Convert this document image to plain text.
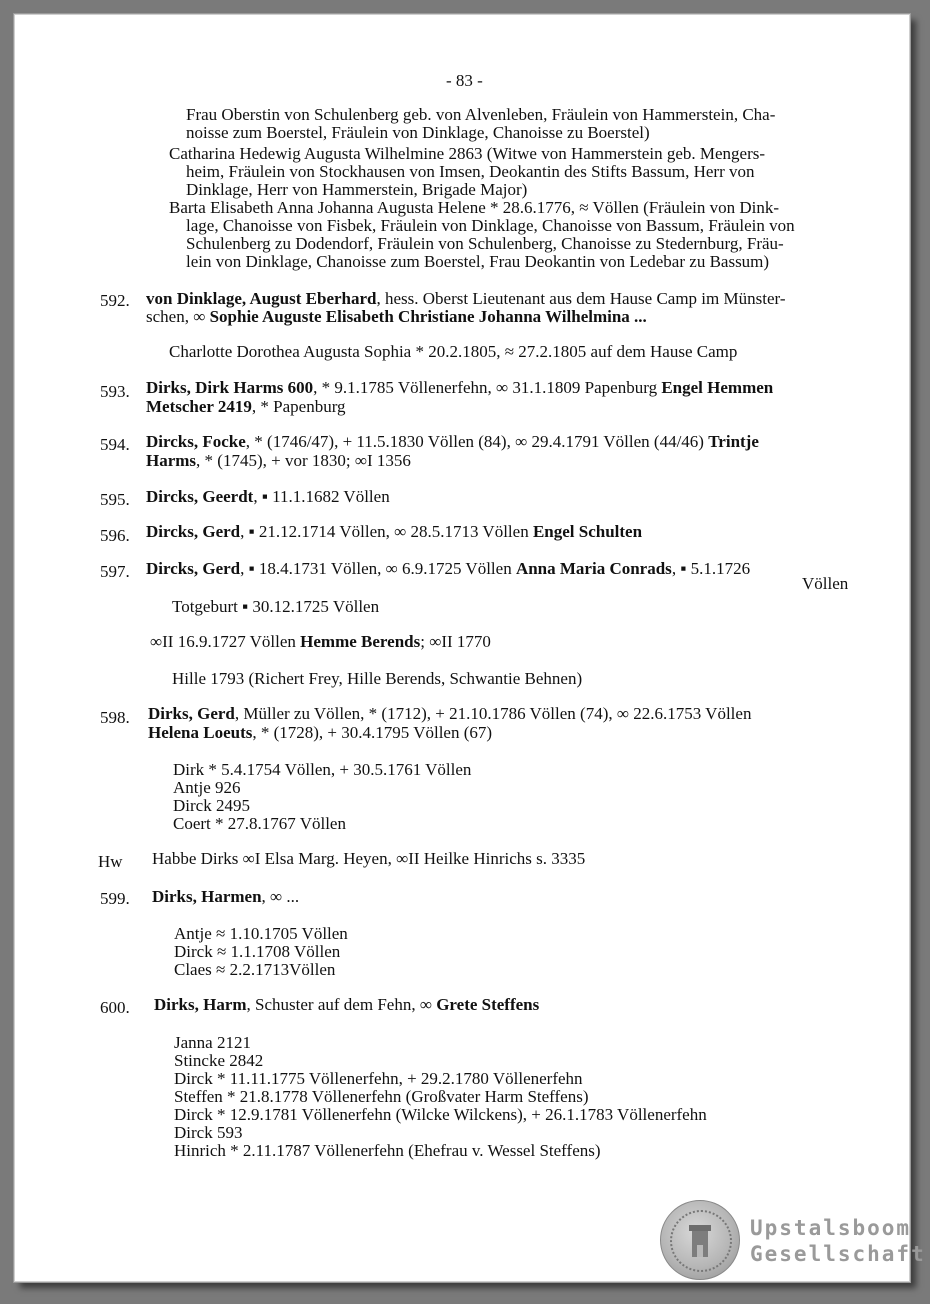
- 83 -
Frau Oberstin von Schulenberg geb. von Alvenleben, Fräulein von Hammerstein, Cha-
noisse zum Boerstel, Fräulein von Dinklage, Chanoisse zu Boerstel)
Catharina Hedewig Augusta Wilhelmine 2863 (Witwe von Hammerstein geb. Mengers-
heim, Fräulein von Stockhausen von Imsen, Deokantin des Stifts Bassum, Herr von
Dinklage, Herr von Hammerstein, Brigade Major)
Barta Elisabeth Anna Johanna Augusta Helene * 28.6.1776, ≈ Völlen (Fräulein von Dink-
lage, Chanoisse von Fisbek, Fräulein von Dinklage, Chanoisse von Bassum, Fräulein von
Schulenberg zu Dodendorf, Fräulein von Schulenberg, Chanoisse zu Stedernburg, Fräu-
lein von Dinklage, Chanoisse zum Boerstel, Frau Deokantin von Ledebar zu Bassum)
592. von Dinklage, August Eberhard, hess. Oberst Lieutenant aus dem Hause Camp im Münster-
schen, ∞ Sophie Auguste Elisabeth Christiane Johanna Wilhelmina ...
Charlotte Dorothea Augusta Sophia * 20.2.1805, ≈ 27.2.1805 auf dem Hause Camp
593. Dirks, Dirk Harms 600, * 9.1.1785 Völlenerfehn, ∞ 31.1.1809 Papenburg Engel Hemmen
Metscher 2419, * Papenburg
594. Dircks, Focke, * (1746/47), + 11.5.1830 Völlen (84), ∞ 29.4.1791 Völlen (44/46) Trintje
Harms, * (1745), + vor 1830; ∞I 1356
595. Dircks, Geerdt, ▪ 11.1.1682 Völlen
596. Dircks, Gerd, ▪ 21.12.1714 Völlen, ∞ 28.5.1713 Völlen Engel Schulten
597. Dircks, Gerd, ▪ 18.4.1731 Völlen, ∞ 6.9.1725 Völlen Anna Maria Conrads, ▪ 5.1.1726
Völlen
Totgeburt ▪ 30.12.1725 Völlen
∞II 16.9.1727 Völlen Hemme Berends; ∞II 1770
Hille 1793 (Richert Frey, Hille Berends, Schwantie Behnen)
598. Dirks, Gerd, Müller zu Völlen, * (1712), + 21.10.1786 Völlen (74), ∞ 22.6.1753 Völlen
Helena Loeuts, * (1728), + 30.4.1795 Völlen (67)
Dirk * 5.4.1754 Völlen, + 30.5.1761 Völlen
Antje 926
Dirck 2495
Coert * 27.8.1767 Völlen
Hw Habbe Dirks ∞I Elsa Marg. Heyen, ∞II Heilke Hinrichs s. 3335
599. Dirks, Harmen, ∞ ...
Antje ≈ 1.10.1705 Völlen
Dirck ≈ 1.1.1708 Völlen
Claes ≈ 2.2.1713Völlen
600. Dirks, Harm, Schuster auf dem Fehn, ∞ Grete Steffens
Janna 2121
Stincke 2842
Dirck * 11.11.1775 Völlenerfehn, + 29.2.1780 Völlenerfehn
Steffen * 21.8.1778 Völlenerfehn (Großvater Harm Steffens)
Dirck * 12.9.1781 Völlenerfehn (Wilcke Wilckens), + 26.1.1783 Völlenerfehn
Dirck 593
Hinrich * 2.11.1787 Völlenerfehn (Ehefrau v. Wessel Steffens)
Upstalsboom
Gesellschaft
